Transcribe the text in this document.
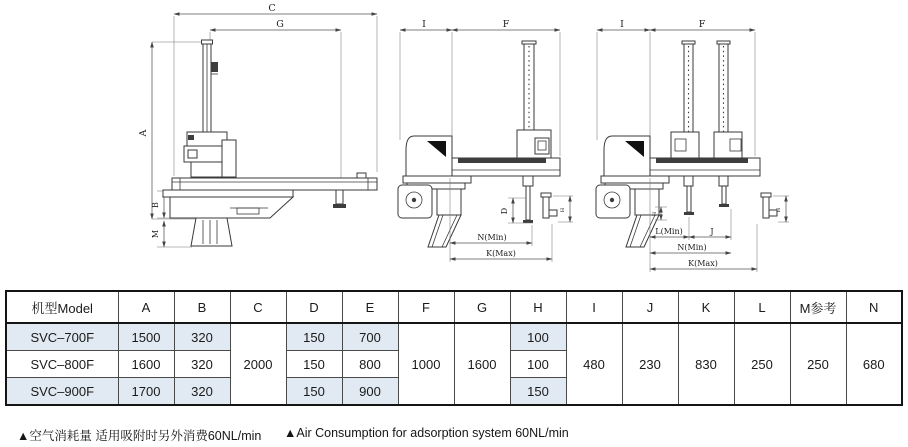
C
G
A
B
M
I	F
D	H
N(Min)
K(Max)
I	F
H
H
L(Min)	J
N(Min)
K(Max)
机型Model	A	B	C	D	E	F	G	H	I	J	K	L	M参考	N
SVC–700F	1500	320	2000	150	700	1000	1600	100	480	230	830	250	250	680
SVC–800F	1600	320		150	800			100						
SVC–900F	1700	320		150	900			150						
▲空气消耗量 适用吸附时另外消费60NL/min ▲Air Consumption for adsorption system 60NL/min
